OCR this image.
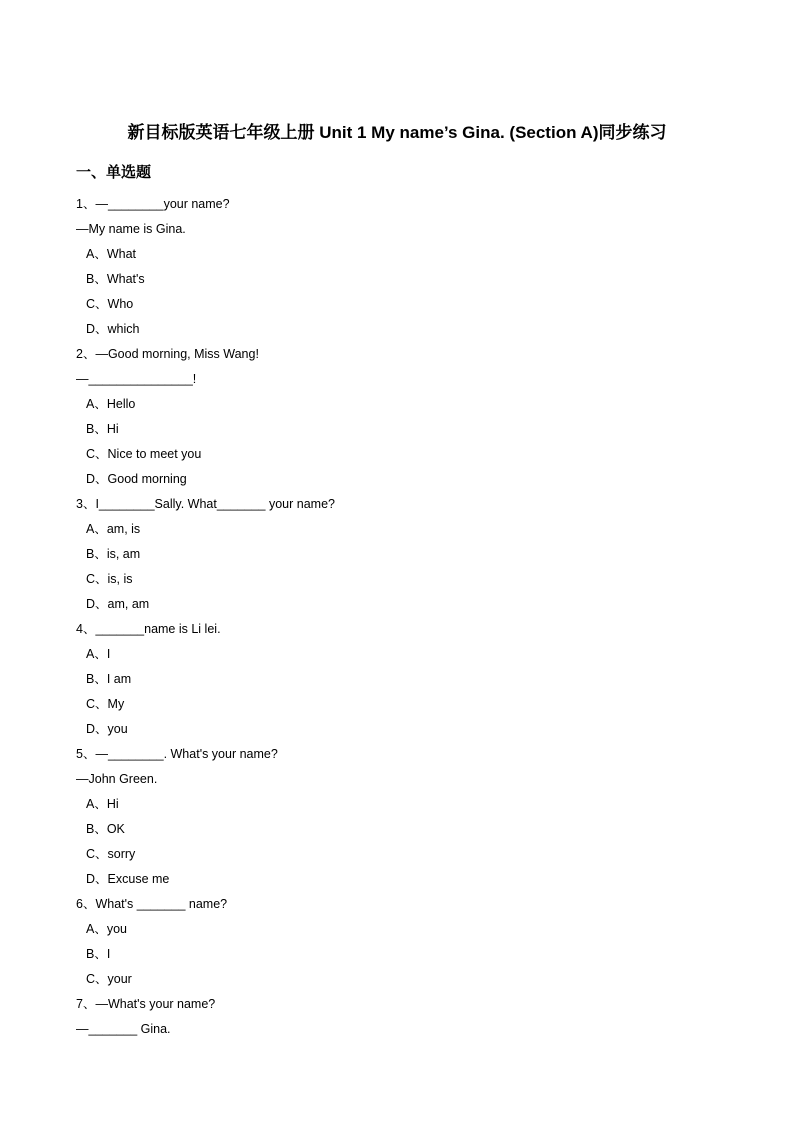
新目标版英语七年级上册 Unit 1 My name’s Gina. (Section A)同步练习
一、单选题
1、—________your name?
—My name is Gina.
A、What
B、What's
C、Who
D、which
2、—Good morning, Miss Wang!
—_______________!
A、Hello
B、Hi
C、Nice to meet you
D、Good morning
3、I________Sally. What_______ your name?
A、am, is
B、is, am
C、is, is
D、am, am
4、_______name is Li lei.
A、I
B、I am
C、My
D、you
5、—________. What's your name?
—John Green.
A、Hi
B、OK
C、sorry
D、Excuse me
6、What's _______ name?
A、you
B、I
C、your
7、—What's your name?
—_______ Gina.
